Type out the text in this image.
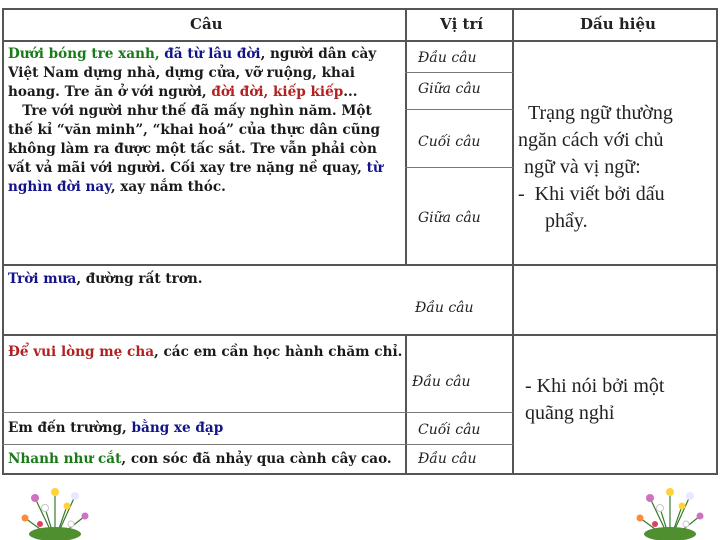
Câu	Vị trí	Dấu hiệu
Dưới bóng tre xanh, đã từ lâu đời, người dân cày
Việt Nam dựng nhà, dựng cửa, vỡ ruộng, khai
hoang. Tre ăn ở với người, đời đời, kiếp kiếp...
Tre với người như thế đã mấy nghìn năm. Một
thế kỉ “văn minh”, “khai hoá” của thực dân cũng
không làm ra được một tấc sắt. Tre vẫn phải còn
vất vả mãi với người. Cối xay tre nặng nề quay, từ
nghìn đời nay, xay nắm thóc.
Trời mưa, đường rất trơn.
Để vui lòng mẹ cha, các em cần học hành chăm chỉ.
Em đến trường, bằng xe đạp
Nhanh như cắt, con sóc đã nhảy qua cành cây cao.
Đầu câu
Giữa câu
Cuối câu
Giữa câu
Đầu câu
Đầu câu
Cuối câu
Đầu câu
Trạng ngữ thường
ngăn cách với chủ
ngữ và vị ngữ:
-  Khi viết bởi dấu
phẩy.
- Khi nói bởi một
quãng nghỉ
